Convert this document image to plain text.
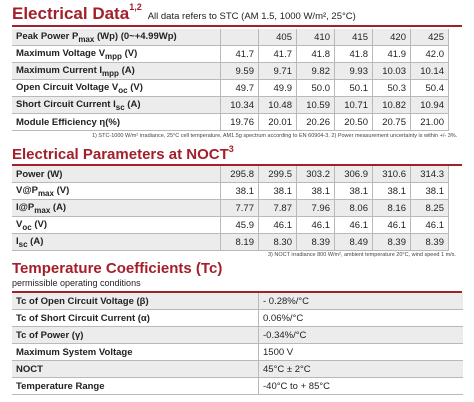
Electrical Data$^{1,2}$All data refers to STC (AM 1.5, 1000 W/m², 25°C)
Peak Power $P_{max}$ (Wp) (0~+4.99Wp)		405	410	415	420	425
Maximum Voltage $V_{mpp}$ (V)	41.7	41.7	41.8	41.8	41.9	42.0
Maximum Current $I_{mpp}$ (A)	9.59	9.71	9.82	9.93	10.03	10.14
Open Circuit Voltage $V_{oc}$ (V)	49.7	49.9	50.0	50.1	50.3	50.4
Short Circuit Current $I_{sc}$ (A)	10.34	10.48	10.59	10.71	10.82	10.94
Module Efficiency η(%)	19.76	20.01	20.26	20.50	20.75	21.00
1) STC-1000 W/m² irradiance, 25°C cell temperature, AM1.5g spectrum according to EN 60904-3. 2) Power measurement uncertainty is within +/- 3%.
Electrical Parameters at NOCT$^3$
Power (W)	295.8	299.5	303.2	306.9	310.6	314.3
$V@P_{max}$ (V)	38.1	38.1	38.1	38.1	38.1	38.1
$I@P_{max}$ (A)	7.77	7.87	7.96	8.06	8.16	8.25
$V_{oc}$ (V)	45.9	46.1	46.1	46.1	46.1	46.1
$I_{sc}$ (A)	8.19	8.30	8.39	8.49	8.39	8.39
3) NOCT irradiance 800 W/m², ambient temperature 20°C, wind speed 1 m/s.
Temperature Coefficients (Tc)
permissible operating conditions
Tc of Open Circuit Voltage (β)	- 0.28%/°C
Tc of Short Circuit Current (α)	0.06%/°C
Tc of Power (γ)	-0.34%/°C
Maximum System Voltage	1500 V
NOCT	45°C ± 2°C
Temperature Range	-40°C to + 85°C
